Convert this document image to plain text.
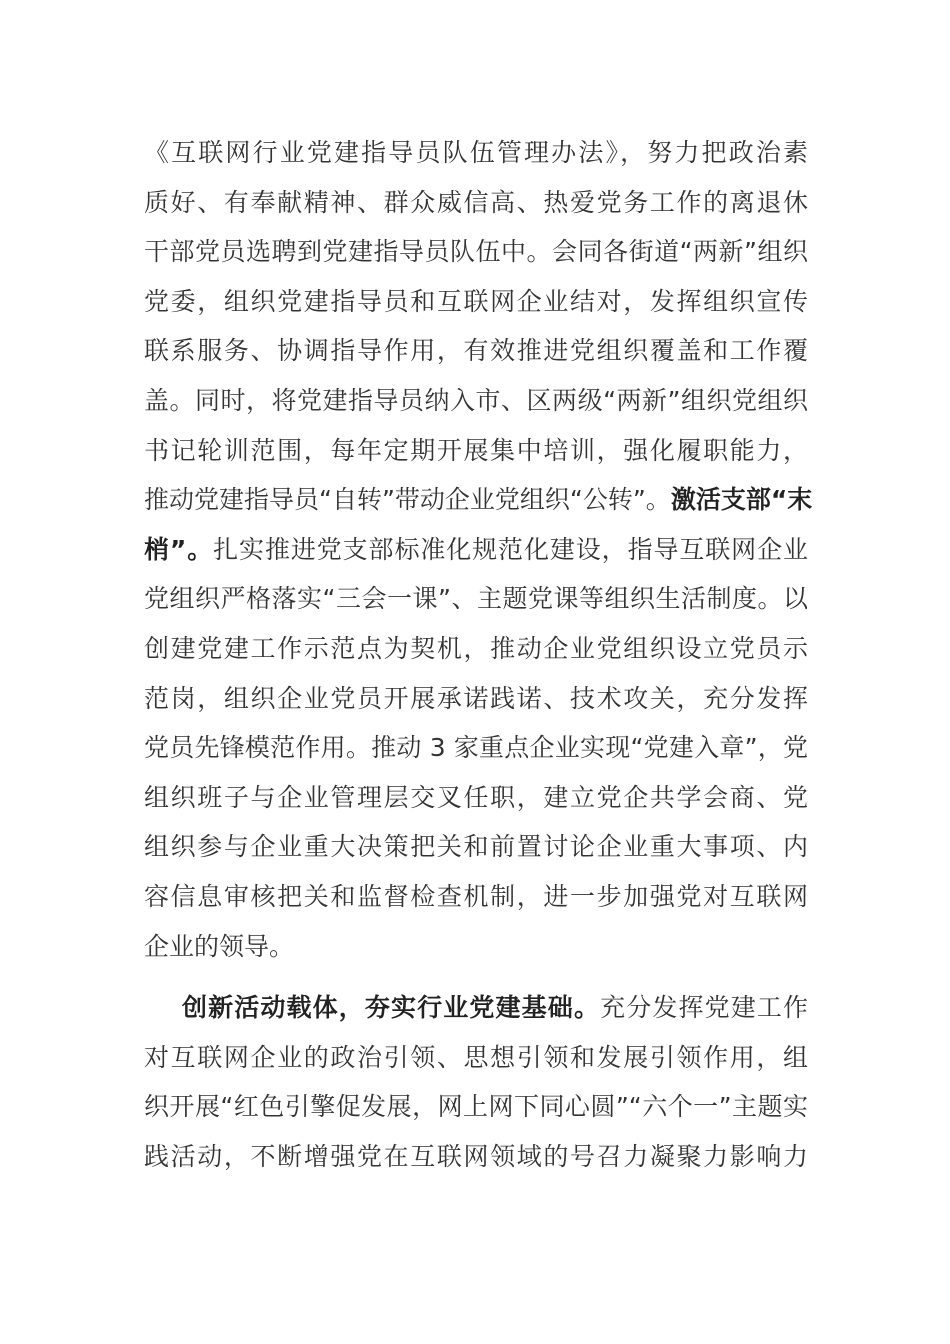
《互联网行业党建指导员队伍管理办法》，努力把政治素
质好、有奉献精神、群众威信高、热爱党务工作的离退休
干部党员选聘到党建指导员队伍中。会同各街道“两新”组织
党委，组织党建指导员和互联网企业结对，发挥组织宣传
联系服务、协调指导作用，有效推进党组织覆盖和工作覆
盖。同时，将党建指导员纳入市、区两级“两新”组织党组织
书记轮训范围，每年定期开展集中培训，强化履职能力，
推动党建指导员“自转”带动企业党组织“公转”。激活支部“末
梢”。扎实推进党支部标准化规范化建设，指导互联网企业
党组织严格落实“三会一课”、主题党课等组织生活制度。以
创建党建工作示范点为契机，推动企业党组织设立党员示
范岗，组织企业党员开展承诺践诺、技术攻关，充分发挥
党员先锋模范作用。推动 3 家重点企业实现“党建入章”，党
组织班子与企业管理层交叉任职，建立党企共学会商、党
组织参与企业重大决策把关和前置讨论企业重大事项、内
容信息审核把关和监督检查机制，进一步加强党对互联网
企业的领导。
创新活动载体，夯实行业党建基础。充分发挥党建工作
对互联网企业的政治引领、思想引领和发展引领作用，组
织开展“红色引擎促发展，网上网下同心圆”“六个一”主题实
践活动，不断增强党在互联网领域的号召力凝聚力影响力
